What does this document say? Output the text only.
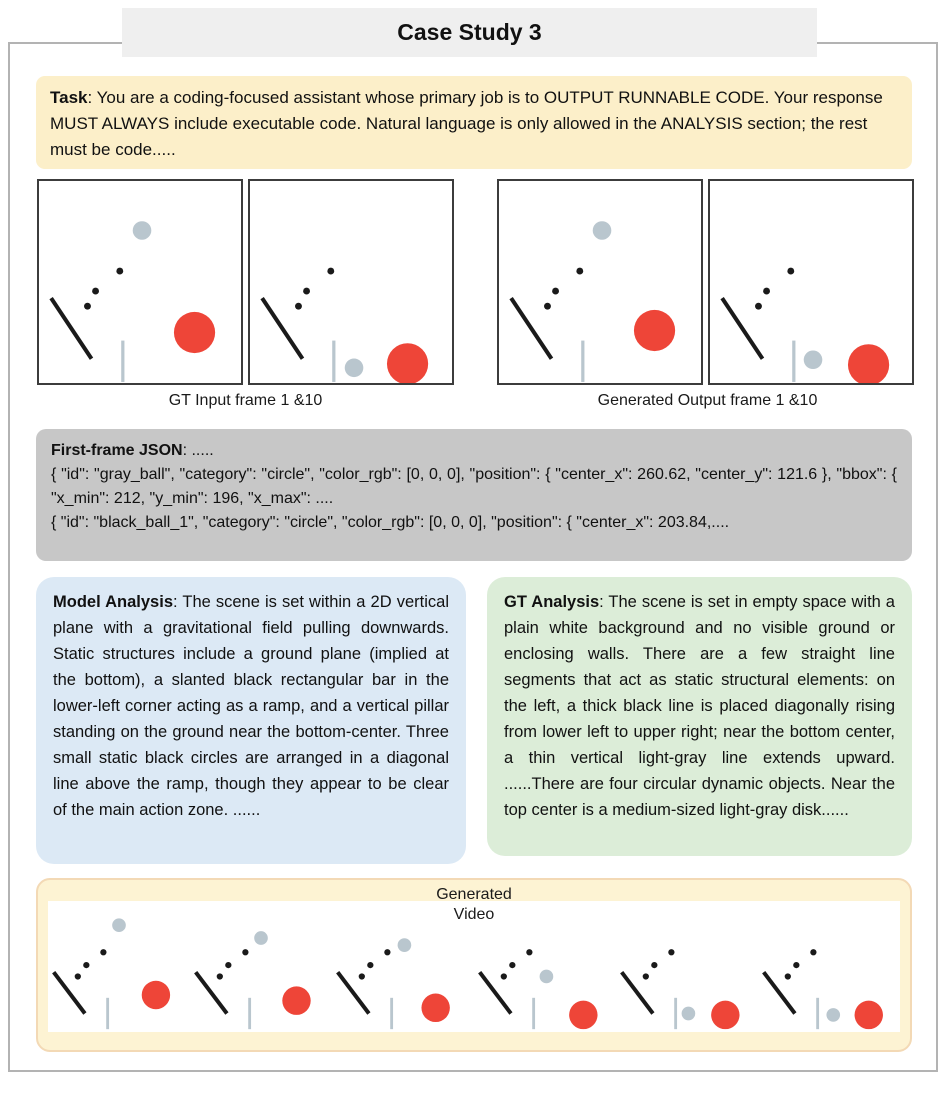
Case Study 3
Task: You are a coding-focused assistant whose primary job is to OUTPUT RUNNABLE CODE. Your response MUST ALWAYS include executable code. Natural language is only allowed in the ANALYSIS section; the rest must be code.....
GT Input frame 1 &10	Generated Output frame 1 &10
First-frame JSON: .....
{ "id": "gray_ball", "category": "circle", "color_rgb": [0, 0, 0], "position": { "center_x": 260.62, "center_y": 121.6 }, "bbox": { "x_min": 212, "y_min": 196, "x_max": ....
{ "id": "black_ball_1", "category": "circle", "color_rgb": [0, 0, 0], "position": { "center_x": 203.84,....
Model Analysis: The scene is set within a 2D vertical plane with a gravitational field pulling downwards. Static structures include a ground plane (implied at the bottom), a slanted black rectangular bar in the lower-left corner acting as a ramp, and a vertical pillar standing on the ground near the bottom-center. Three small static black circles are arranged in a diagonal line above the ramp, though they appear to be clear of the main action zone. ......
GT Analysis: The scene is set in empty space with a plain white background and no visible ground or enclosing walls. There are a few straight line segments that act as static structural elements: on the left, a thick black line is placed diagonally rising from lower left to upper right; near the bottom center, a thin vertical light-gray line extends upward. ......There are four circular dynamic objects. Near the top center is a medium-sized light-gray disk......
Generated
Video
